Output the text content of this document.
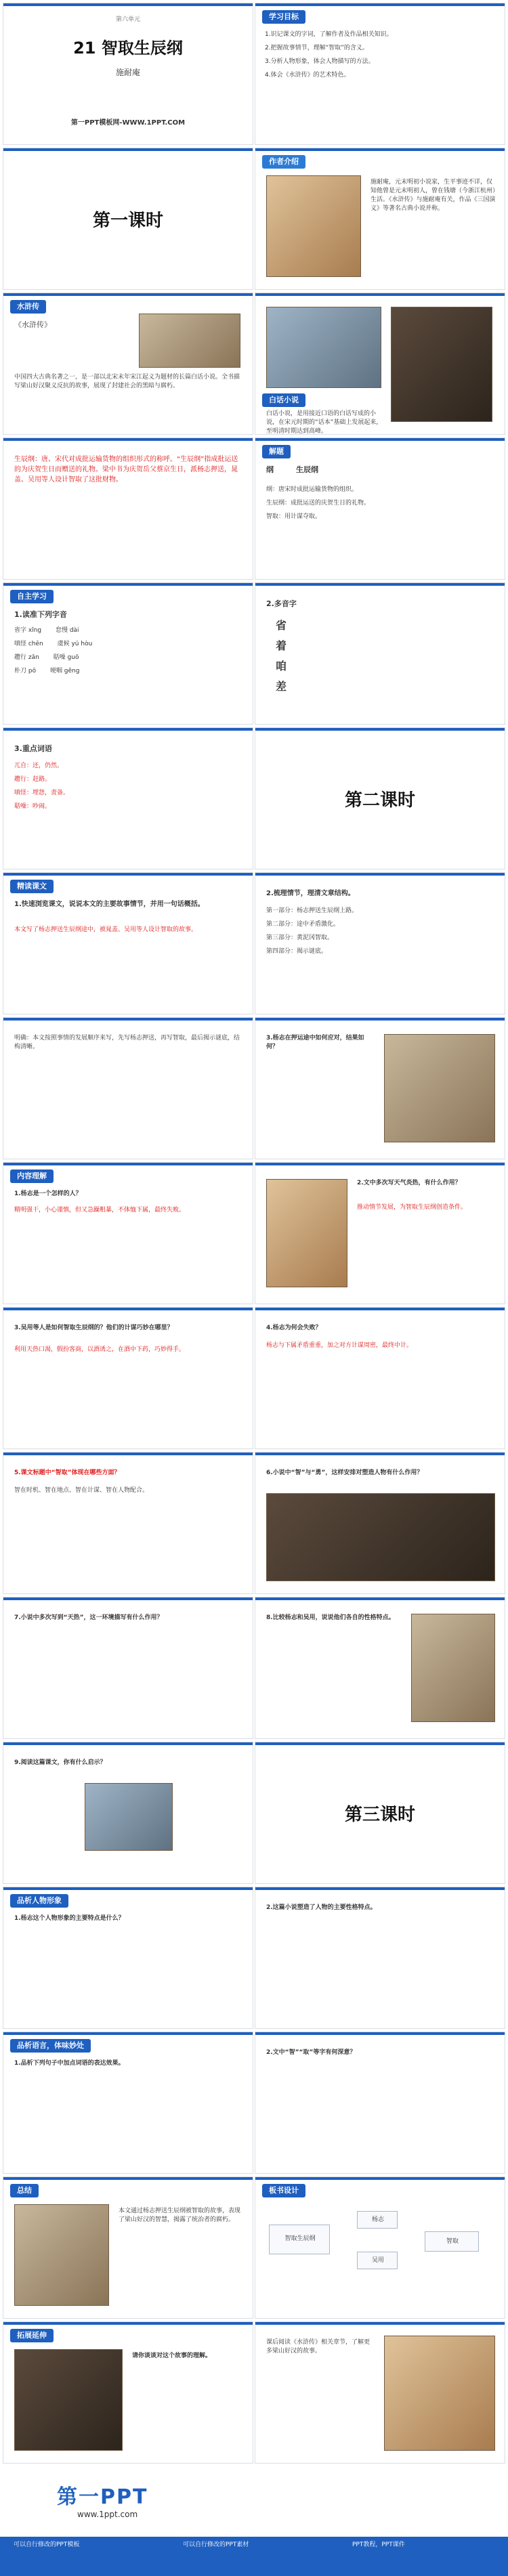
第六单元
21 智取生辰纲
施耐庵
第一PPT模板网-WWW.1PPT.COM
学习目标
1.识记课文的字词，了解作者及作品相关知识。
2.把握故事情节，理解“智取”的含义。
3.分析人物形象，体会人物描写的方法。
4.体会《水浒传》的艺术特色。
第一课时
作者介绍
施耐庵，元末明初小说家，生平事迹不详，仅知他曾是元末明初人，曾在钱塘（今浙江杭州）生活。《水浒传》与施耐庵有关，作品《三国演义》等著名古典小说并称。
水浒传
《水浒传》
中国四大古典名著之一，是一部以北宋末年宋江起义为题材的长篇白话小说。全书描写梁山好汉聚义反抗的故事，展现了封建社会的黑暗与腐朽。
白话小说
白话小说，是用接近口语的白话写成的小说，在宋元时期的“话本”基础上发展起来，至明清时期达到高峰。
生辰纲：唐、宋代对成批运输货物的组织形式的称呼。“生辰纲”指成批运送的为庆贺生日而赠送的礼物。梁中书为庆贺岳父蔡京生日，派杨志押送，晁盖、吴用等人设计智取了这批财物。
解题
纲	生辰纲
纲：唐宋时成批运输货物的组织。
生辰纲：成批运送的庆贺生日的礼物。
智取：用计谋夺取。
自主学习
1.读准下列字音
省字 xǐng　　 怠慢 dài
嗔怪 chēn　　 虞候 yú hòu
趱行 zǎn　　 聒噪 guō
朴刀 pō　　 哽咽 gěng
2.多音字
省
着
咱
差
3.重点词语
兀自：还，仍然。
趱行：赶路。
嗔怪：埋怨，责备。
聒噪：吵闹。	第二课时
精读课文
1.快速浏览课文，说说本文的主要故事情节，并用一句话概括。
本文写了杨志押送生辰纲途中，被晁盖、吴用等人设计智取的故事。
2.梳理情节，理清文章结构。
第一部分：杨志押送生辰纲上路。
第二部分：途中矛盾激化。
第三部分：黄泥冈智取。
第四部分：揭示谜底。
明确：本文按照事情的发展顺序来写，先写杨志押送，再写智取，最后揭示谜底，结构清晰。
3.杨志在押运途中如何应对，结果如何？
内容理解
1.杨志是一个怎样的人？
精明强干，小心谨慎，但又急躁粗暴，不体恤下属，最终失败。
2.文中多次写天气炎热，有什么作用？
推动情节发展，为智取生辰纲创造条件。
3.吴用等人是如何智取生辰纲的？他们的计谋巧妙在哪里？
利用天热口渴，假扮客商，以酒诱之，在酒中下药，巧妙得手。
4.杨志为何会失败？
杨志与下属矛盾重重，加之对方计谋周密，最终中计。
5.课文标题中“智取”体现在哪些方面？
智在时机、智在地点、智在计谋、智在人物配合。
6.小说中“智”与“勇”，这样安排对塑造人物有什么作用？
7.小说中多次写到“天热”，这一环境描写有什么作用？	8.比较杨志和吴用，说说他们各自的性格特点。
9.阅读这篇课文，你有什么启示？
第三课时
品析人物形象
1.杨志这个人物形象的主要特点是什么？
2.这篇小说塑造了人物的主要性格特点。
品析语言，体味妙处
1.品析下列句子中加点词语的表达效果。
2.文中“智”“取”等字有何深意？
总结
本文通过杨志押送生辰纲被智取的故事，表现了梁山好汉的智慧，揭露了统治者的腐朽。
板书设计
智取生辰纲
杨志
吴用
智取
拓展延伸
请你谈谈对这个故事的理解。
课后阅读《水浒传》相关章节，了解更多梁山好汉的故事。
第一PPT
www.1ppt.com
可以自行修改的PPT模板	可以自行修改的PPT素材	PPT教程，PPT课件
